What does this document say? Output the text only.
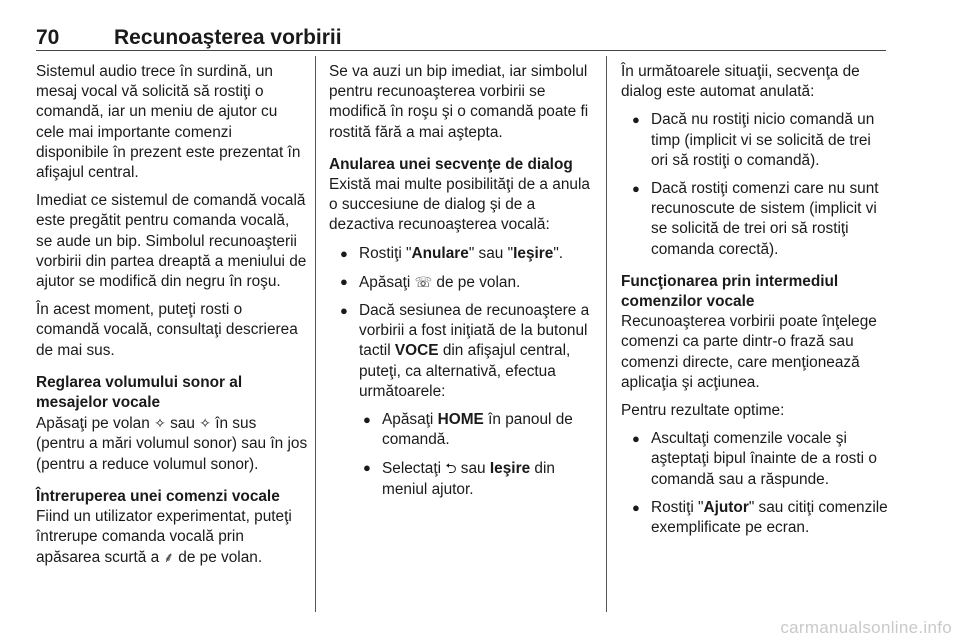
70	Recunoaşterea vorbirii

Sistemul audio trece în surdină, un mesaj vocal vă solicită să rostiţi o comandă, iar un meniu de ajutor cu cele mai importante comenzi disponibile în prezent este prezentat în afişajul central.

Imediat ce sistemul de comandă vocală este pregătit pentru comanda vocală, se aude un bip. Simbolul recunoaşterii vorbirii din partea dreaptă a meniului de ajutor se modifică din negru în roşu.

În acest moment, puteţi rosti o comandă vocală, consultaţi descrierea de mai sus.

Reglarea volumului sonor al mesajelor vocale

Apăsaţi pe volan ✧ sau ✧ în sus (pentru a mări volumul sonor) sau în jos (pentru a reduce volumul sonor).

Întreruperea unei comenzi vocale

Fiind un utilizator experimentat, puteţi întrerupe comanda vocală prin apăsarea scurtă a ⸙ de pe volan.

Se va auzi un bip imediat, iar simbolul pentru recunoaşterea vorbirii se modifică în roşu şi o comandă poate fi rostită fără a mai aştepta.

Anularea unei secvenţe de dialog

Există mai multe posibilităţi de a anula o succesiune de dialog şi de a dezactiva recunoaşterea vocală:

● Rostiţi "Anulare" sau "Ieşire".
● Apăsaţi ☏ de pe volan.
● Dacă sesiunea de recunoaştere a vorbirii a fost iniţiată de la butonul tactil VOCE din afişajul central, puteţi, ca alternativă, efectua următoarele:
● Apăsaţi HOME în panoul de comandă.
● Selectaţi ⮌ sau Ieşire din meniul ajutor.

În următoarele situaţii, secvenţa de dialog este automat anulată:

● Dacă nu rostiţi nicio comandă un timp (implicit vi se solicită de trei ori să rostiţi o comandă).
● Dacă rostiţi comenzi care nu sunt recunoscute de sistem (implicit vi se solicită de trei ori să rostiţi comanda corectă).
Funcţionarea prin intermediul comenzilor vocale

Recunoaşterea vorbirii poate înţelege comenzi ca parte dintr-o frază sau comenzi directe, care menţionează aplicaţia şi acţiunea.

Pentru rezultate optime:

● Ascultaţi comenzile vocale şi aşteptaţi bipul înainte de a rosti o comandă sau a răspunde.
● Rostiţi "Ajutor" sau citiţi comenzile exemplificate pe ecran.
carmanualsonline.info
